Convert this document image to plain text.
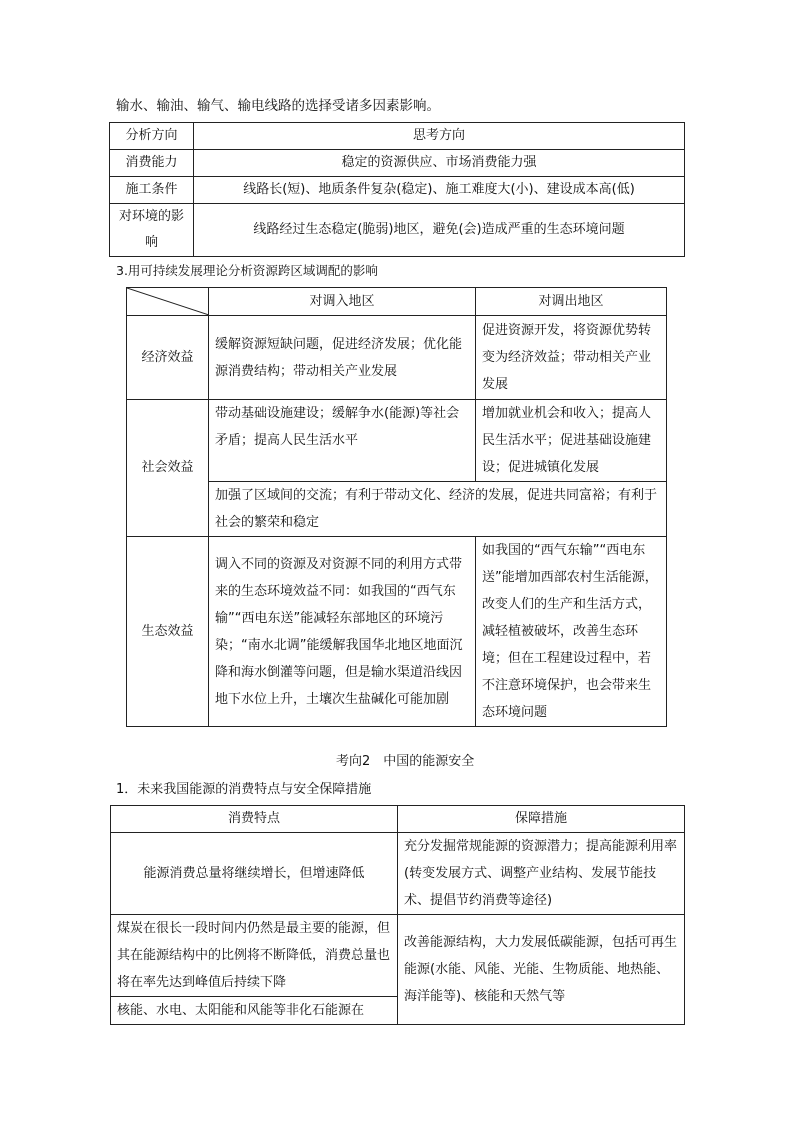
输水、输油、输气、输电线路的选择受诸多因素影响。

分析方向	思考方向
消费能力	稳定的资源供应、市场消费能力强
施工条件	线路长(短)、地质条件复杂(稳定)、施工难度大(小)、建设成本高(低)
对环境的影响	线路经过生态稳定(脆弱)地区，避免(会)造成严重的生态环境问题

3.用可持续发展理论分析资源跨区域调配的影响

	对调入地区	对调出地区
经济效益	缓解资源短缺问题，促进经济发展；优化能源消费结构；带动相关产业发展	促进资源开发，将资源优势转变为经济效益；带动相关产业发展
社会效益	带动基础设施建设；缓解争水(能源)等社会矛盾；提高人民生活水平	增加就业机会和收入；提高人民生活水平；促进基础设施建设；促进城镇化发展
	加强了区域间的交流；有利于带动文化、经济的发展，促进共同富裕；有利于社会的繁荣和稳定	
生态效益	调入不同的资源及对资源不同的利用方式带来的生态环境效益不同：如我国的“西气东输”“西电东送”能减轻东部地区的环境污染；“南水北调”能缓解我国华北地区地面沉降和海水倒灌等问题，但是输水渠道沿线因地下水位上升，土壤次生盐碱化可能加剧	如我国的“西气东输”“西电东送”能增加西部农村生活能源，改变人们的生产和生活方式，减轻植被破坏，改善生态环境；但在工程建设过程中，若不注意环境保护，也会带来生态环境问题

考向2　中国的能源安全

1．未来我国能源的消费特点与安全保障措施

消费特点	保障措施
能源消费总量将继续增长，但增速降低	充分发掘常规能源的资源潜力；提高能源利用率(转变发展方式、调整产业结构、发展节能技术、提倡节约消费等途径)
煤炭在很长一段时间内仍然是最主要的能源，但其在能源结构中的比例将不断降低，消费总量也将在率先达到峰值后持续下降	改善能源结构，大力发展低碳能源，包括可再生能源(水能、风能、光能、生物质能、地热能、海洋能等)、核能和天然气等
核能、水电、太阳能和风能等非化石能源在	
